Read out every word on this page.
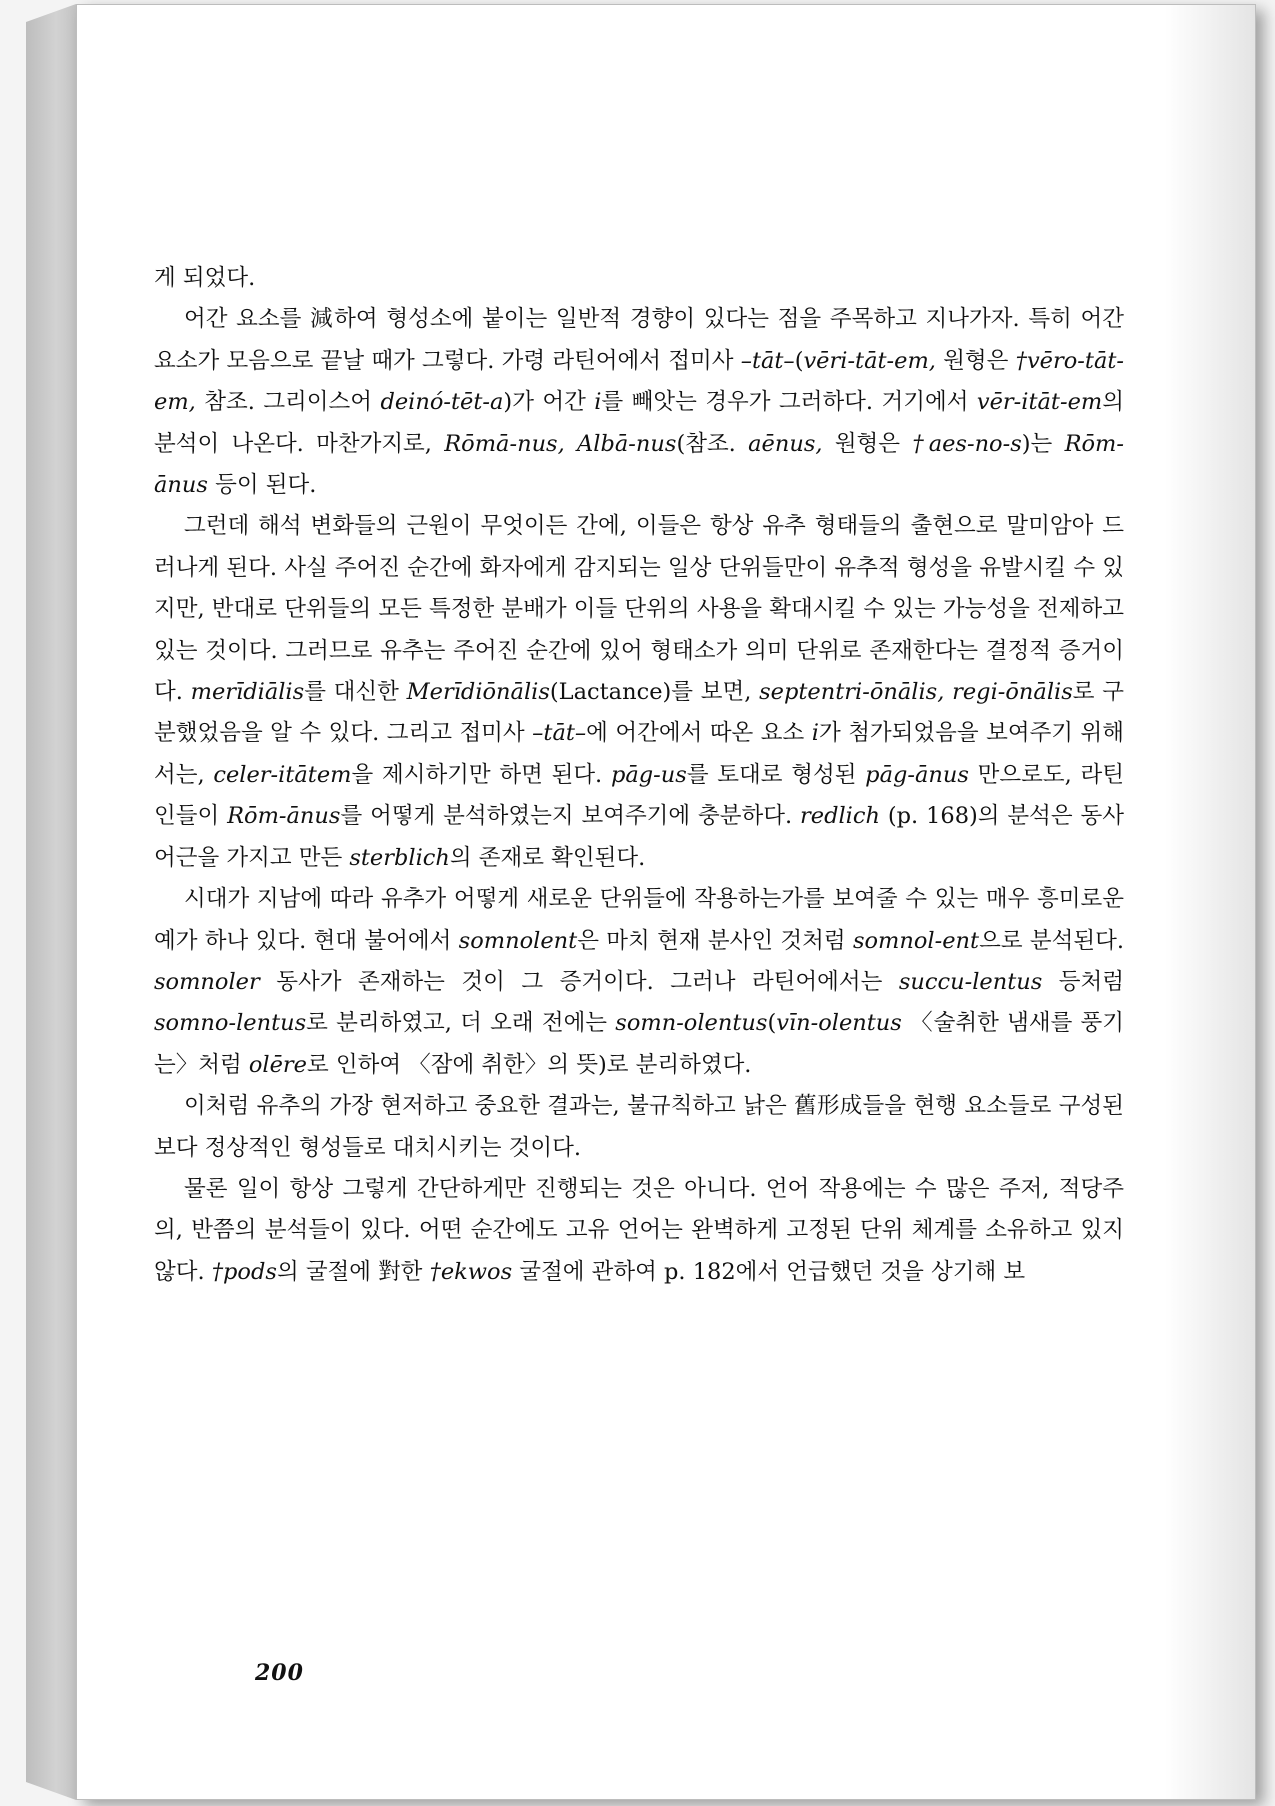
게 되었다.

어간 요소를 減하여 형성소에 붙이는 일반적 경향이 있다는 점을 주목하고 지나가자. 특히 어간 요소가 모음으로 끝날 때가 그렇다. 가령 라틴어에서 접미사 –tāt–(vēri-tāt-em, 원형은 †vēro-tāt-em, 참조. 그리이스어 deinó-tēt-a)가 어간 i를 빼앗는 경우가 그러하다. 거기에서 vēr-itāt-em의 분석이 나온다. 마찬가지로, Rōmā-nus, Albā-nus(참조. aēnus, 원형은 †aes-no-s)는 Rōm-ānus 등이 된다.

그런데 해석 변화들의 근원이 무엇이든 간에, 이들은 항상 유추 형태들의 출현으로 말미암아 드러나게 된다. 사실 주어진 순간에 화자에게 감지되는 일상 단위들만이 유추적 형성을 유발시킬 수 있지만, 반대로 단위들의 모든 특정한 분배가 이들 단위의 사용을 확대시킬 수 있는 가능성을 전제하고 있는 것이다. 그러므로 유추는 주어진 순간에 있어 형태소가 의미 단위로 존재한다는 결정적 증거이다. merīdiālis를 대신한 Merīdiōnālis(Lactance)를 보면, septentri-ōnālis, regi-ōnālis로 구분했었음을 알 수 있다. 그리고 접미사 –tāt–에 어간에서 따온 요소 i가 첨가되었음을 보여주기 위해서는, celer-itātem을 제시하기만 하면 된다. pāg-us를 토대로 형성된 pāg-ānus 만으로도, 라틴인들이 Rōm-ānus를 어떻게 분석하였는지 보여주기에 충분하다. redlich (p. 168)의 분석은 동사 어근을 가지고 만든 sterblich의 존재로 확인된다.

시대가 지남에 따라 유추가 어떻게 새로운 단위들에 작용하는가를 보여줄 수 있는 매우 흥미로운 예가 하나 있다. 현대 불어에서 somnolent은 마치 현재 분사인 것처럼 somnol-ent으로 분석된다. somnoler 동사가 존재하는 것이 그 증거이다. 그러나 라틴어에서는 succu-lentus 등처럼 somno-lentus로 분리하였고, 더 오래 전에는 somn-olentus(vīn-olentus 〈술취한 냄새를 풍기는〉처럼 olēre로 인하여 〈잠에 취한〉의 뜻)로 분리하였다.

이처럼 유추의 가장 현저하고 중요한 결과는, 불규칙하고 낡은 舊形成들을 현행 요소들로 구성된 보다 정상적인 형성들로 대치시키는 것이다.

물론 일이 항상 그렇게 간단하게만 진행되는 것은 아니다. 언어 작용에는 수 많은 주저, 적당주의, 반쯤의 분석들이 있다. 어떤 순간에도 고유 언어는 완벽하게 고정된 단위 체계를 소유하고 있지 않다. †pods의 굴절에 對한 †ekwos 굴절에 관하여 p. 182에서 언급했던 것을 상기해 보

200
